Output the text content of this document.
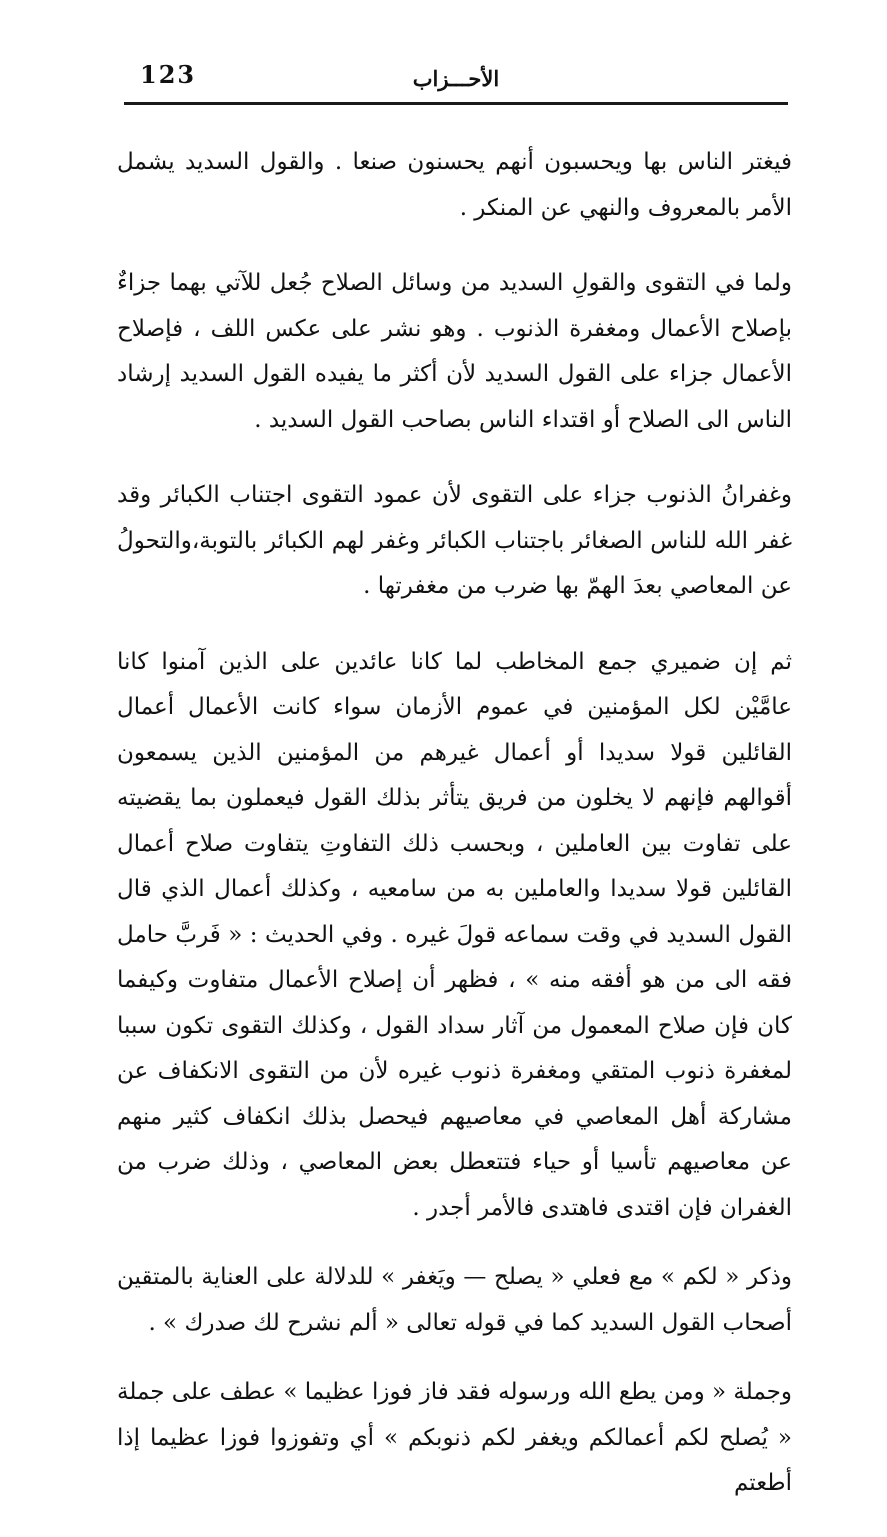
123	الأحـــزاب

فيغتر الناس بها ويحسبون أنهم يحسنون صنعا . والقول السديد يشمل الأمر بالمعروف والنهي عن المنكر .

ولما في التقوى والقولِ السديد من وسائل الصلاح جُعل للآتي بهما جزاءٌ بإصلاح الأعمال ومغفرة الذنوب . وهو نشر على عكس اللف ، فإصلاح الأعمال جزاء على القول السديد لأن أكثر ما يفيده القول السديد إرشاد الناس الى الصلاح أو اقتداء الناس بصاحب القول السديد .

وغفرانُ الذنوب جزاء على التقوى لأن عمود التقوى اجتناب الكبائر وقد غفر الله للناس الصغائر باجتناب الكبائر وغفر لهم الكبائر بالتوبة،والتحولُ عن المعاصي بعدَ الهمّ بها ضرب من مغفرتها .

ثم إن ضميري جمع المخاطب لما كانا عائدين على الذين آمنوا كانا عامَّيْن لكل المؤمنين في عموم الأزمان سواء كانت الأعمال أعمال القائلين قولا سديدا أو أعمال غيرهم من المؤمنين الذين يسمعون أقوالهم فإنهم لا يخلون من فريق يتأثر بذلك القول فيعملون بما يقضيته على تفاوت بين العاملين ، وبحسب ذلك التفاوتِ يتفاوت صلاح أعمال القائلين قولا سديدا والعاملين به من سامعيه ، وكذلك أعمال الذي قال القول السديد في وقت سماعه قولَ غيره . وفي الحديث : « فَربَّ حامل فقه الى من هو أفقه منه » ، فظهر أن إصلاح الأعمال متفاوت وكيفما كان فإن صلاح المعمول من آثار سداد القول ، وكذلك التقوى تكون سببا لمغفرة ذنوب المتقي ومغفرة ذنوب غيره لأن من التقوى الانكفاف عن مشاركة أهل المعاصي في معاصيهم فيحصل بذلك انكفاف كثير منهم عن معاصيهم تأسيا أو حياء فتتعطل بعض المعاصي ، وذلك ضرب من الغفران فإن اقتدى فاهتدى فالأمر أجدر .

وذكر « لكم » مع فعلي « يصلح — ويَغفر » للدلالة على العناية بالمتقين أصحاب القول السديد كما في قوله تعالى « ألم نشرح لك صدرك » .

وجملة « ومن يطع الله ورسوله فقد فاز فوزا عظيما » عطف على جملة « يُصلح لكم أعمالكم ويغفر لكم ذنوبكم » أي وتفوزوا فوزا عظيما إذا أطعتم
